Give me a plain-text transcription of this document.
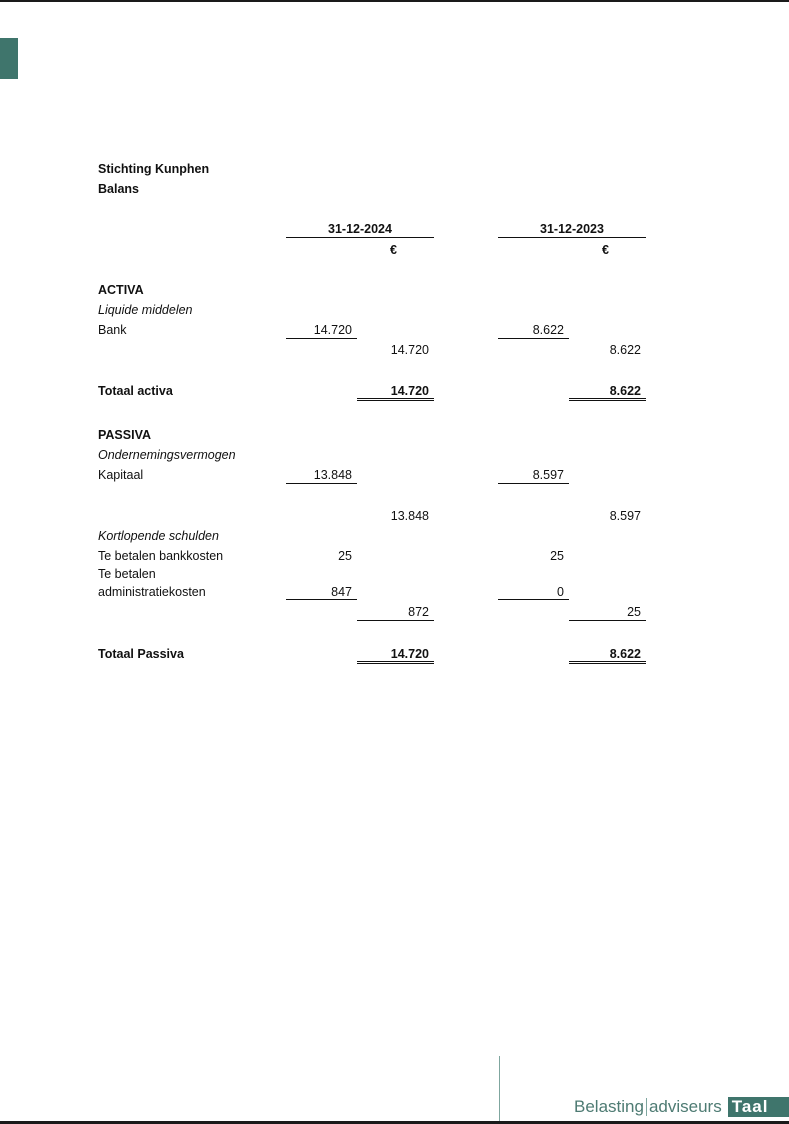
Stichting Kunphen
Balans
31-12-2024	31-12-2023
€	€
ACTIVA
Liquide middelen
Bank	14.720	8.622
14.720	8.622
Totaal activa	14.720	8.622
PASSIVA
Ondernemingsvermogen
Kapitaal	13.848	8.597
13.848	8.597
Kortlopende schulden
Te betalen bankkosten	25	25
Te betalen
administratiekosten	847	0
872	25
Totaal Passiva	14.720	8.622
Belasting adviseurs Taal
